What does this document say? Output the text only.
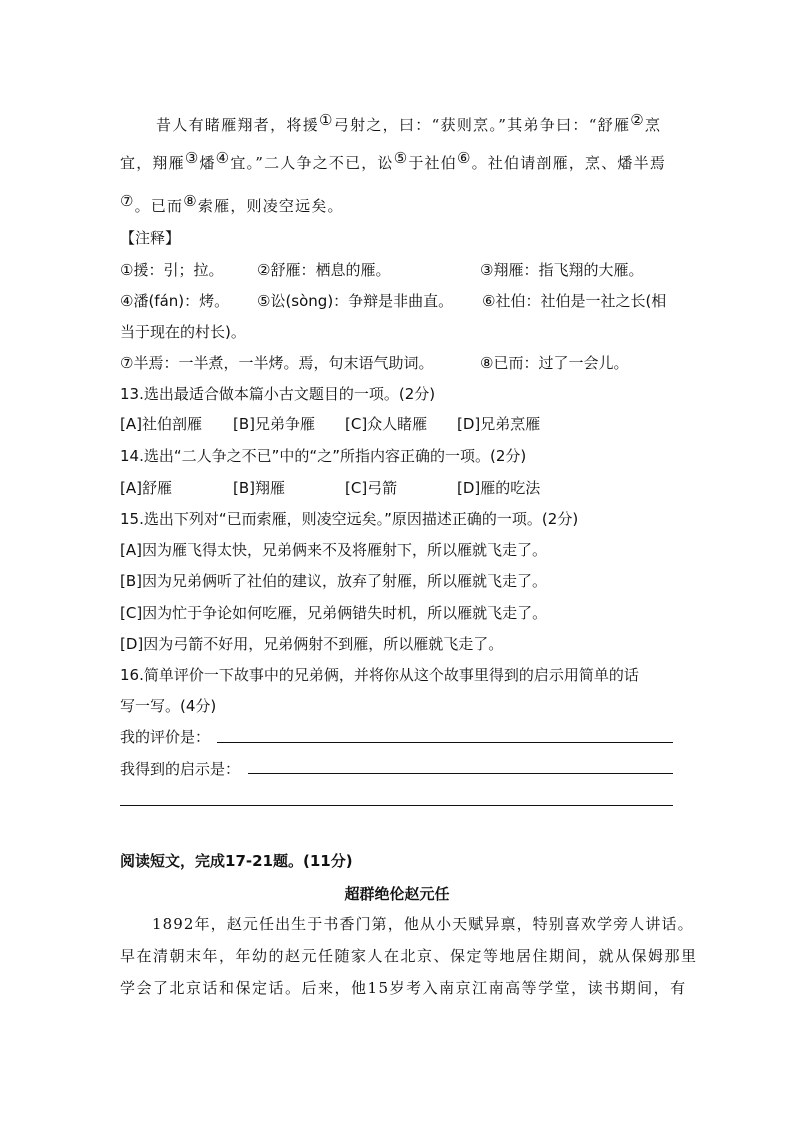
昔人有睹雁翔者，将援①弓射之，曰：“获则烹。”其弟争曰：“舒雁②烹
宜，翔雁③燔④宜。”二人争之不已，讼⑤于社伯⑥。社伯请剖雁，烹、燔半焉
⑦。已而⑧索雁，则凌空远矣。
【注释】
①援：引；拉。 ②舒雁：栖息的雁。	③翔雁：指飞翔的大雁。
④潘(fán)：烤。 ⑤讼(sòng)：争辩是非曲直。 ⑥社伯：社伯是一社之长(相
当于现在的村长)。
⑦半焉：一半煮，一半烤。焉，句末语气助词。	⑧已而：过了一会儿。
13.选出最适合做本篇小古文题目的一项。(2分)
[A]社伯剖雁 [B]兄弟争雁 [C]众人睹雁 [D]兄弟烹雁
14.选出“二人争之不已”中的“之”所指内容正确的一项。(2分)
[A]舒雁	[B]翔雁	[C]弓箭	[D]雁的吃法
15.选出下列对“已而索雁，则凌空远矣。”原因描述正确的一项。(2分)
[A]因为雁飞得太快，兄弟俩来不及将雁射下，所以雁就飞走了。
[B]因为兄弟俩听了社伯的建议，放弃了射雁，所以雁就飞走了。
[C]因为忙于争论如何吃雁，兄弟俩错失时机，所以雁就飞走了。
[D]因为弓箭不好用，兄弟俩射不到雁，所以雁就飞走了。
16.简单评价一下故事中的兄弟俩，并将你从这个故事里得到的启示用简单的话
写一写。(4分)
我的评价是：
我得到的启示是：
阅读短文，完成17-21题。(11分)
超群绝伦赵元任
1892年，赵元任出生于书香门第，他从小天赋异禀，特别喜欢学旁人讲话。
早在清朝末年，年幼的赵元任随家人在北京、保定等地居住期间，就从保姆那里
学会了北京话和保定话。后来，他15岁考入南京江南高等学堂，读书期间，有
